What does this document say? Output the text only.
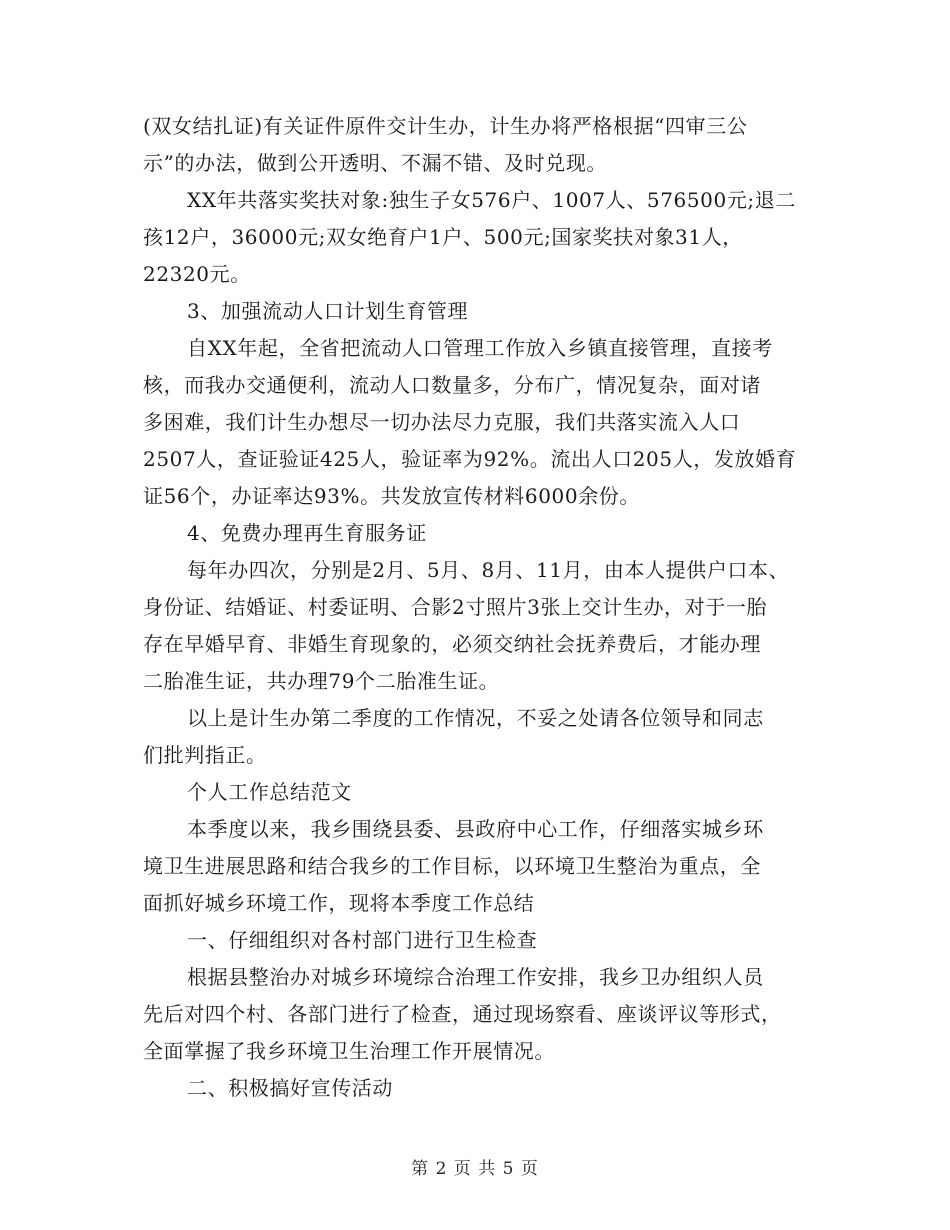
(双女结扎证)有关证件原件交计生办，计生办将严格根据“四审三公
示”的办法，做到公开透明、不漏不错、及时兑现。
XX年共落实奖扶对象:独生子女576户、1007人、576500元;退二
孩12户，36000元;双女绝育户1户、500元;国家奖扶对象31人，
22320元。
3、加强流动人口计划生育管理
自XX年起，全省把流动人口管理工作放入乡镇直接管理，直接考
核，而我办交通便利，流动人口数量多，分布广，情况复杂，面对诸
多困难，我们计生办想尽一切办法尽力克服，我们共落实流入人口
2507人，查证验证425人，验证率为92%。流出人口205人，发放婚育
证56个，办证率达93%。共发放宣传材料6000余份。
4、免费办理再生育服务证
每年办四次，分别是2月、5月、8月、11月，由本人提供户口本、
身份证、结婚证、村委证明、合影2寸照片3张上交计生办，对于一胎
存在早婚早育、非婚生育现象的，必须交纳社会抚养费后，才能办理
二胎准生证，共办理79个二胎准生证。
以上是计生办第二季度的工作情况，不妥之处请各位领导和同志
们批判指正。
个人工作总结范文
本季度以来，我乡围绕县委、县政府中心工作，仔细落实城乡环
境卫生进展思路和结合我乡的工作目标，以环境卫生整治为重点，全
面抓好城乡环境工作，现将本季度工作总结
一、仔细组织对各村部门进行卫生检查
根据县整治办对城乡环境综合治理工作安排，我乡卫办组织人员
先后对四个村、各部门进行了检查，通过现场察看、座谈评议等形式，
全面掌握了我乡环境卫生治理工作开展情况。
二、积极搞好宣传活动
第 2 页 共 5 页
